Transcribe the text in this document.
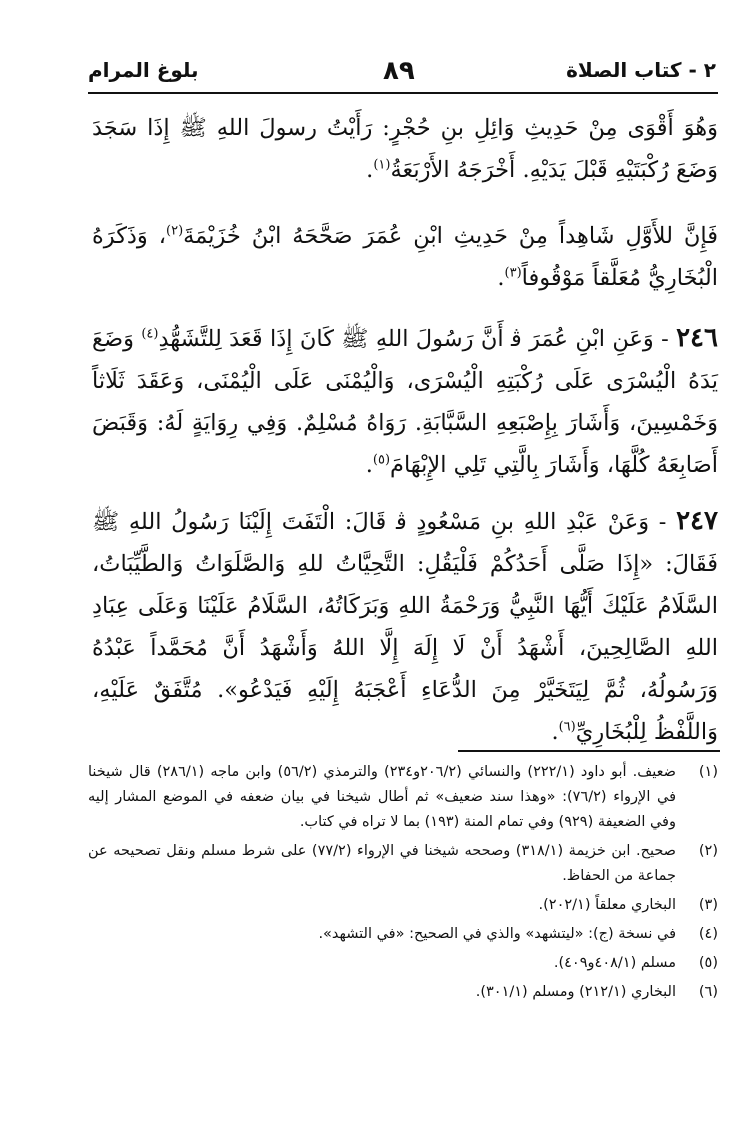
٢ - كتاب الصلاة
٨٩
بلوغ المرام

وَهُوَ أَقْوَى مِنْ حَدِيثِ وَائِلِ بنِ حُجْرٍ: رَأَيْتُ رسولَ اللهِ ﷺ إِذَا سَجَدَ وَضَعَ رُكْبَتَيْهِ قَبْلَ يَدَيْهِ. أَخْرَجَهُ الأَرْبَعَةُ$^{(١)}$.

فَإِنَّ للأَوَّلِ شَاهِداً مِنْ حَدِيثِ ابْنِ عُمَرَ صَحَّحَهُ ابْنُ خُزَيْمَةَ$^{(٢)}$، وَذَكَرَهُ الْبُخَارِيُّ مُعَلَّقاً مَوْقُوفاً$^{(٣)}$.

٢٤٦ - وَعَنِ ابْنِ عُمَرَ ﭬ أَنَّ رَسُولَ اللهِ ﷺ كَانَ إِذَا قَعَدَ لِلتَّشَهُّدِ$^{(٤)}$ وَضَعَ يَدَهُ الْيُسْرَى عَلَى رُكْبَتِهِ الْيُسْرَى، وَالْيُمْنَى عَلَى الْيُمْنَى، وَعَقَدَ ثَلَاثاً وَخَمْسِينَ، وَأَشَارَ بِإِصْبَعِهِ السَّبَّابَةِ. رَوَاهُ مُسْلِمٌ. وَفِي رِوَايَةٍ لَهُ: وَقَبَضَ أَصَابِعَهُ كُلَّهَا، وَأَشَارَ بِالَّتِي تَلِي الإِبْهَامَ$^{(٥)}$.

٢٤٧ - وَعَنْ عَبْدِ اللهِ بنِ مَسْعُودٍ ﭬ قَالَ: الْتَفَتَ إِلَيْنَا رَسُولُ اللهِ ﷺ فَقَالَ: «إِذَا صَلَّى أَحَدُكُمْ فَلْيَقُلِ: التَّحِيَّاتُ للهِ وَالصَّلَوَاتُ وَالطَّيِّبَاتُ، السَّلَامُ عَلَيْكَ أَيُّهَا النَّبِيُّ وَرَحْمَةُ اللهِ وَبَرَكَاتُهُ، السَّلَامُ عَلَيْنَا وَعَلَى عِبَادِ اللهِ الصَّالِحِينَ، أَشْهَدُ أَنْ لَا إِلَهَ إِلَّا اللهُ وَأَشْهَدُ أَنَّ مُحَمَّداً عَبْدُهُ وَرَسُولُهُ، ثُمَّ لِيَتَخَيَّرْ مِنَ الدُّعَاءِ أَعْجَبَهُ إِلَيْهِ فَيَدْعُو». مُتَّفَقٌ عَلَيْهِ، وَاللَّفْظُ لِلْبُخَارِيِّ$^{(٦)}$.

(١)
ضعيف. أبو داود (٢٢٢/١) والنسائي (٢٠٦/٢و٢٣٤) والترمذي (٥٦/٢) وابن ماجه (٢٨٦/١) قال شيخنا في الإرواء (٧٦/٢): «وهذا سند ضعيف» ثم أطال شيخنا في بيان ضعفه في الموضع المشار إليه وفي الضعيفة (٩٢٩) وفي تمام المنة (١٩٣) بما لا تراه في كتاب.
(٢)
صحيح. ابن خزيمة (٣١٨/١) وصححه شيخنا في الإرواء (٧٧/٢) على شرط مسلم ونقل تصحيحه عن جماعة من الحفاظ.
(٣)
البخاري معلقاً (٢٠٢/١).
(٤)
في نسخة (ج): «ليتشهد» والذي في الصحيح: «في التشهد».
(٥)
مسلم (٤٠٨/١و٤٠٩).
(٦)
البخاري (٢١٢/١) ومسلم (٣٠١/١).
